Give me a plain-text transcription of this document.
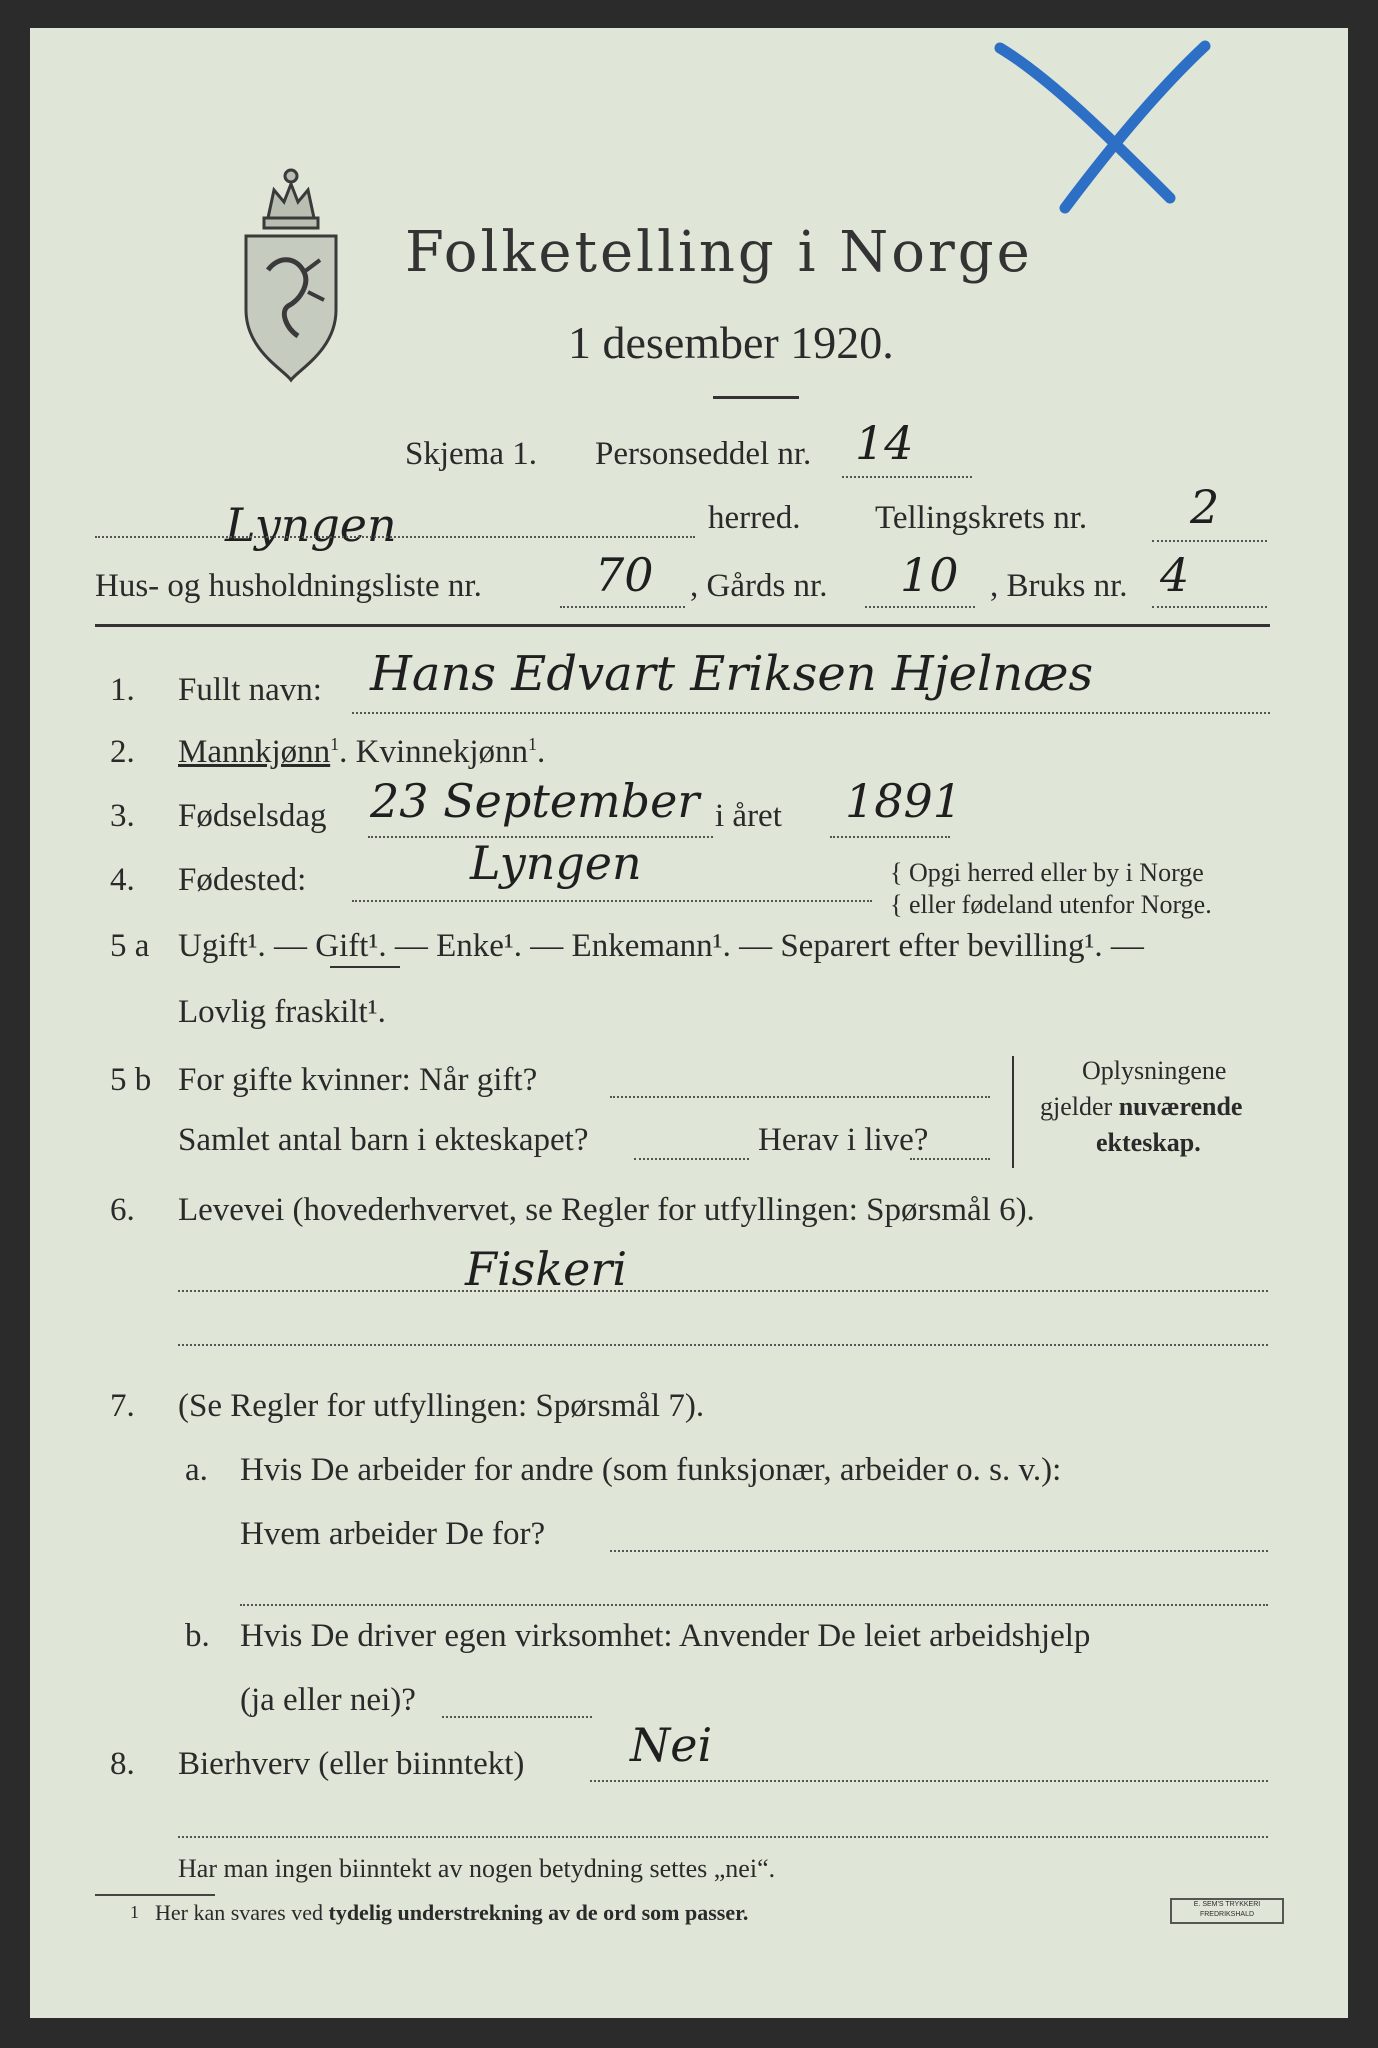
Folketelling i Norge
1 desember 1920.
Skjema 1. Personseddel nr. 14
Lyngen	herred. Tellingskrets nr. 2
Hus- og husholdningsliste nr. 70 , Gårds nr. 10 , Bruks nr. 4
1. Fullt navn: Hans Edvart Eriksen Hjelnæs
2. Mannkjønn$^1$. Kvinnekjønn$^1$.
3. Fødselsdag 23 September i året 1891
4. Fødested:	Lyngen	{ Opgi herred eller by i Norge
{ eller fødeland utenfor Norge.
5 a Ugift¹. — Gift¹. — Enke¹. — Enkemann¹. — Separert efter bevilling¹. —
Lovlig fraskilt¹.
5 b For gifte kvinner: Når gift?
Samlet antal barn i ekteskapet?	Herav i live?
Oplysningene
gjelder nuværende
ekteskap.
6. Levevei (hovederhvervet, se Regler for utfyllingen: Spørsmål 6).
Fiskeri
7. (Se Regler for utfyllingen: Spørsmål 7).
a. Hvis De arbeider for andre (som funksjonær, arbeider o. s. v.):
Hvem arbeider De for?
b. Hvis De driver egen virksomhet: Anvender De leiet arbeidshjelp
(ja eller nei)?
8. Bierhverv (eller biinntekt) Nei
Har man ingen biinntekt av nogen betydning settes „nei“.
1 Her kan svares ved tydelig understrekning av de ord som passer.	E. SEM'S TRYKKERI FREDRIKSHALD
